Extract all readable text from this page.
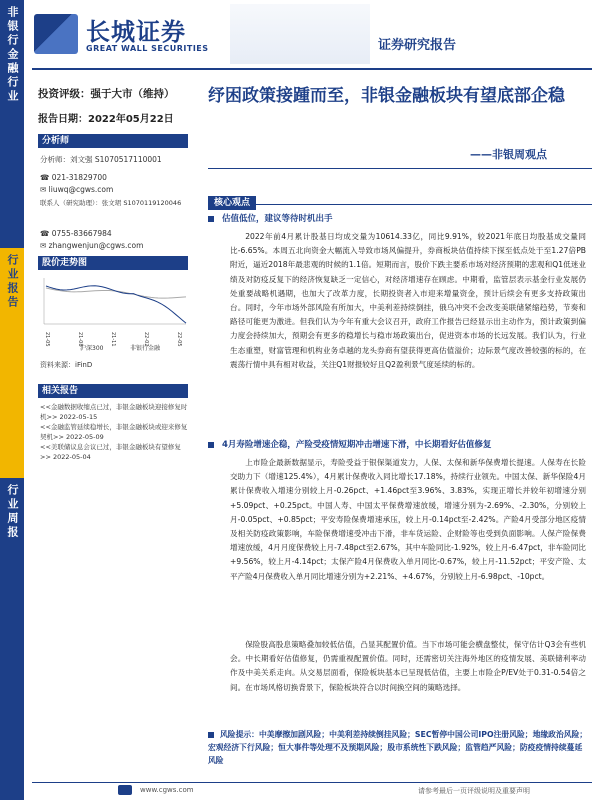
非银行金融行业
行业报告
行业周报
长城证券
GREAT WALL SECURITIES	证券研究报告
投资评级：强于大市（维持）
报告日期：2022年05月22日
分析师
分析师：刘文强 S1070517110001
☎ 021-31829700
✉ liuwq@cgws.com
联系人（研究助理）：张文珺 S1070119120046
☎ 0755-83667984
✉ zhangwenjun@cgws.com
股价走势图
21-05	21-08	21-11	22-02	22-05
沪深300	非银行金融
资料来源：iFinD
相关报告
<<金融数据收缩点已过，非银金融板块迎接修复时机>> 2022-05-15
<<金融监管延续稳增长，非银金融板块或迎来修复契机>> 2022-05-09
<<美联储议息会议已过，非银金融板块有望修复>> 2022-05-04
纾困政策接踵而至，非银金融板块有望底部企稳
——非银周观点
核心观点
估值低位，建议等待时机出手
2022年前4月累计股基日均成交量为10614.33亿，同比9.91%，较2021年底日均股基成交量同比-6.65%。本周五北向资金大幅流入导致市场风偏提升，券商板块估值持续下探至低点处于至1.27倍PB附近，逼近2018年最悲观的时候的1.1倍。短期而言，股价下跌主要系市场对经济预期的悲观和Q1低迷业绩及对防疫反复下的经济恢复缺乏一定信心，对经济增速存在顾虑。中期看，监管层表示基金行业发展仍处重要战略机遇期，也加大了改革力度，长期投资者入市迎来增量资金，预计后续会有更多支持政策出台。同时，今年市场外部风险有所加大，中美利差持续倒挂，俄乌冲突不会改变美联储紧缩趋势，节奏和路径可能更为激进。但我们认为今年有重大会议召开，政府工作报告已经显示出主动作为，预计政策到偏力度会持续加大，预期会有更多的稳增长与稳市场政策出台，促进资本市场的长远发展。我们认为，行业生态重塑，财富管理和机构业务卓越的龙头券商有望获得更高估值溢价；边际景气度改善较强的标的，在震荡行情中具有相对收益，关注Q1财报较好且Q2盈利景气度延续的标的。
4月寿险增速企稳，产险受疫情短期冲击增速下滑，中长期看好估值修复
上市险企最新数据显示，寿险受益于银保渠道发力，人保、太保和新华保费增长提速。人保寿在长险交助力下（增速125.4%），4月累计保费收入同比增长17.18%，持续行业领先。中国太保、新华保险4月累计保费收入增速分别较上月-0.26pct、+1.46pct至3.96%、3.83%，实现正增长并较年初增速分别+5.09pct、+0.25pct。中国人寿、中国太平保费增速放缓，增速分别为-2.69%、-2.30%，分别较上月-0.05pct、+0.85pct；平安寿险保费增速承压，较上月-0.14pct至-2.42%。产险4月受部分地区疫情及相关防疫政策影响，车险保费增速受冲击下滑，非车货运险、企财险等也受到负面影响。人保产险保费增速放缓，4月月度保费较上月-7.48pct至2.67%，其中车险同比-1.92%，较上月-6.47pct，非车险同比+9.56%，较上月-4.14pct；太保产险4月保费收入单月同比-0.67%，较上月-11.52pct；平安产险、太平产险4月保费收入单月同比增速分别为+2.21%、+4.67%，分别较上月-6.98pct、-10pct。
保险股高股息策略叠加较低估值，凸显其配置价值。当下市场可能会横盘整仗，保守估计Q3会有些机会。中长期看好估值修复，仍需重视配置价值。同时，还需密切关注海外地区的疫情发展、美联储利率动作及中美关系走向。从交易层面看，保险板块基本已呈现低估值，主要上市险企P/EV处于0.31-0.54倍之间。在市场风格切换背景下，保险板块符合以时间换空间的策略选择。
风险提示：中美摩擦加剧风险；中美利差持续倒挂风险；SEC暂停中国公司IPO注册风险；地缘政治风险；宏观经济下行风险；恒大事件等处理不及预期风险；股市系统性下跌风险；监管趋严风险；防疫疫情持续蔓延风险
www.cgws.com	请参考最后一页评级说明及重要声明
